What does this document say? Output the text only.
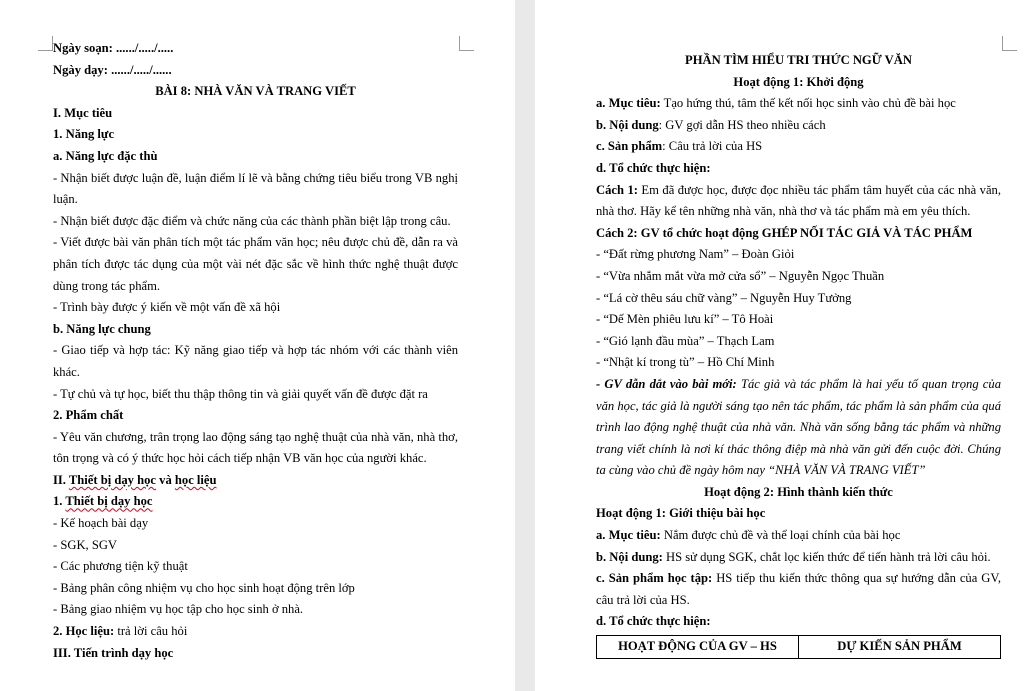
Ngày soạn: ....../...../.....

Ngày dạy: ....../...../......

BÀI 8: NHÀ VĂN VÀ TRANG VIẾT

I. Mục tiêu

1. Năng lực

a. Năng lực đặc thù

- Nhận biết được luận đề, luận điểm lí lẽ và bằng chứng tiêu biểu trong VB nghị luận.

- Nhận biết được đặc điểm và chức năng của các thành phần biệt lập trong câu.

- Viết được bài văn phân tích một tác phẩm văn học; nêu được chủ đề, dẫn ra và phân tích được tác dụng của một vài nét đặc sắc về hình thức nghệ thuật được dùng trong tác phẩm.

- Trình bày được ý kiến về một vấn đề xã hội

b. Năng lực chung

- Giao tiếp và hợp tác: Kỹ năng giao tiếp và hợp tác nhóm với các thành viên khác.

- Tự chủ và tự học, biết thu thập thông tin và giải quyết vấn đề được đặt ra

2. Phẩm chất

- Yêu văn chương, trân trọng lao động sáng tạo nghệ thuật của nhà văn, nhà thơ, tôn trọng và có ý thức học hỏi cách tiếp nhận VB văn học của người khác.

II. Thiết bị dạy học và học liệu

1. Thiết bị dạy học

- Kế hoạch bài dạy

- SGK, SGV

- Các phương tiện kỹ thuật

- Bảng phân công nhiệm vụ cho học sinh hoạt động trên lớp

- Bảng giao nhiệm vụ học tập cho học sinh ở nhà.

2. Học liệu: trả lời câu hỏi

III. Tiến trình dạy học

PHẦN TÌM HIỂU TRI THỨC NGỮ VĂN

Hoạt động 1: Khởi động

a. Mục tiêu: Tạo hứng thú, tâm thế kết nối học sinh vào chủ đề bài học

b. Nội dung: GV gợi dẫn HS theo nhiều cách

c. Sản phẩm: Câu trả lời của HS

d. Tổ chức thực hiện:

Cách 1: Em đã được học, được đọc nhiều tác phẩm tâm huyết của các nhà văn, nhà thơ. Hãy kể tên những nhà văn, nhà thơ và tác phẩm mà em yêu thích.

Cách 2: GV tổ chức hoạt động GHÉP NỐI TÁC GIẢ VÀ TÁC PHẨM

- “Đất rừng phương Nam” – Đoàn Giỏi

- “Vừa nhắm mắt vừa mở cửa sổ” – Nguyễn Ngọc Thuần

- “Lá cờ thêu sáu chữ vàng” – Nguyễn Huy Tưởng

- “Dế Mèn phiêu lưu kí” – Tô Hoài

- “Gió lạnh đầu mùa” – Thạch Lam

- “Nhật kí trong tù” – Hồ Chí Minh

- GV dẫn dắt vào bài mới: Tác giả và tác phẩm là hai yếu tố quan trọng của văn học, tác giả là người sáng tạo nên tác phẩm, tác phẩm là sản phẩm của quá trình lao động nghệ thuật của nhà văn. Nhà văn sống bằng tác phẩm và những trang viết chính là nơi kí thác thông điệp mà nhà văn gửi đến cuộc đời. Chúng ta cùng vào chủ đề ngày hôm nay “NHÀ VĂN VÀ TRANG VIẾT”

Hoạt động 2: Hình thành kiến thức

Hoạt động 1: Giới thiệu bài học

a. Mục tiêu: Nắm được chủ đề và thể loại chính của bài học

b. Nội dung: HS sử dụng SGK, chắt lọc kiến thức để tiến hành trả lời câu hỏi.

c. Sản phẩm học tập: HS tiếp thu kiến thức thông qua sự hướng dẫn của GV, câu trả lời của HS.

d. Tổ chức thực hiện:

HOẠT ĐỘNG CỦA GV – HS	DỰ KIẾN SẢN PHẨM
